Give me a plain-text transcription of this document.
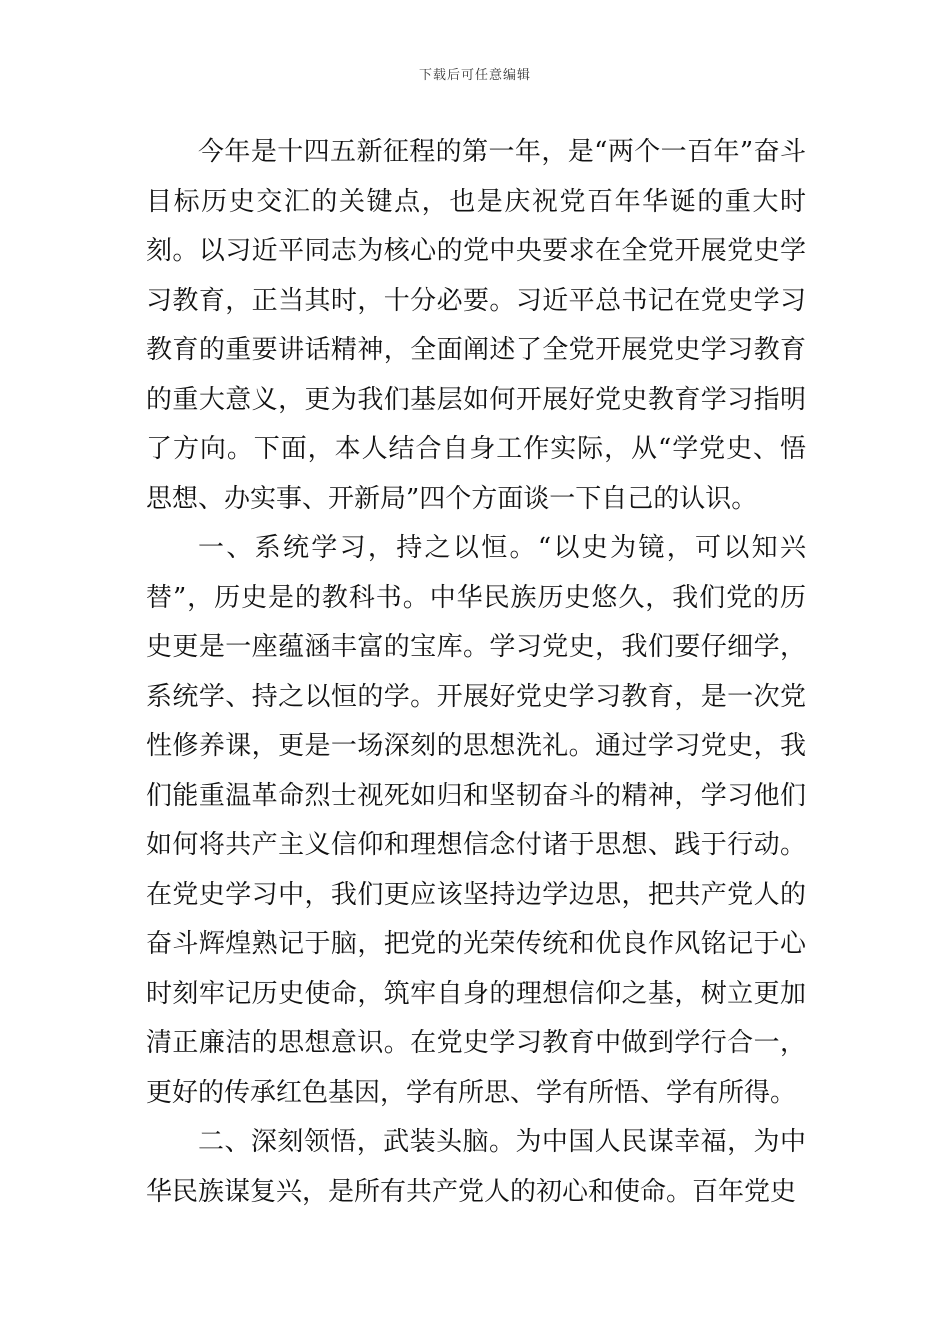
下载后可任意编辑

今年是十四五新征程的第一年，是“两个一百年”奋斗目标历史交汇的关键点，也是庆祝党百年华诞的重大时刻。以习近平同志为核心的党中央要求在全党开展党史学习教育，正当其时，十分必要。习近平总书记在党史学习教育的重要讲话精神，全面阐述了全党开展党史学习教育的重大意义，更为我们基层如何开展好党史教育学习指明了方向。下面，本人结合自身工作实际，从“学党史、悟思想、办实事、开新局”四个方面谈一下自己的认识。

一、系统学习，持之以恒。“以史为镜，可以知兴替”，历史是的教科书。中华民族历史悠久，我们党的历史更是一座蕴涵丰富的宝库。学习党史，我们要仔细学，系统学、持之以恒的学。开展好党史学习教育，是一次党性修养课，更是一场深刻的思想洗礼。通过学习党史，我们能重温革命烈士视死如归和坚韧奋斗的精神，学习他们如何将共产主义信仰和理想信念付诸于思想、践于行动。在党史学习中，我们更应该坚持边学边思，把共产党人的奋斗辉煌熟记于脑，把党的光荣传统和优良作风铭记于心时刻牢记历史使命，筑牢自身的理想信仰之基，树立更加清正廉洁的思想意识。在党史学习教育中做到学行合一，更好的传承红色基因，学有所思、学有所悟、学有所得。

二、深刻领悟，武装头脑。为中国人民谋幸福，为中华民族谋复兴，是所有共产党人的初心和使命。百年党史
